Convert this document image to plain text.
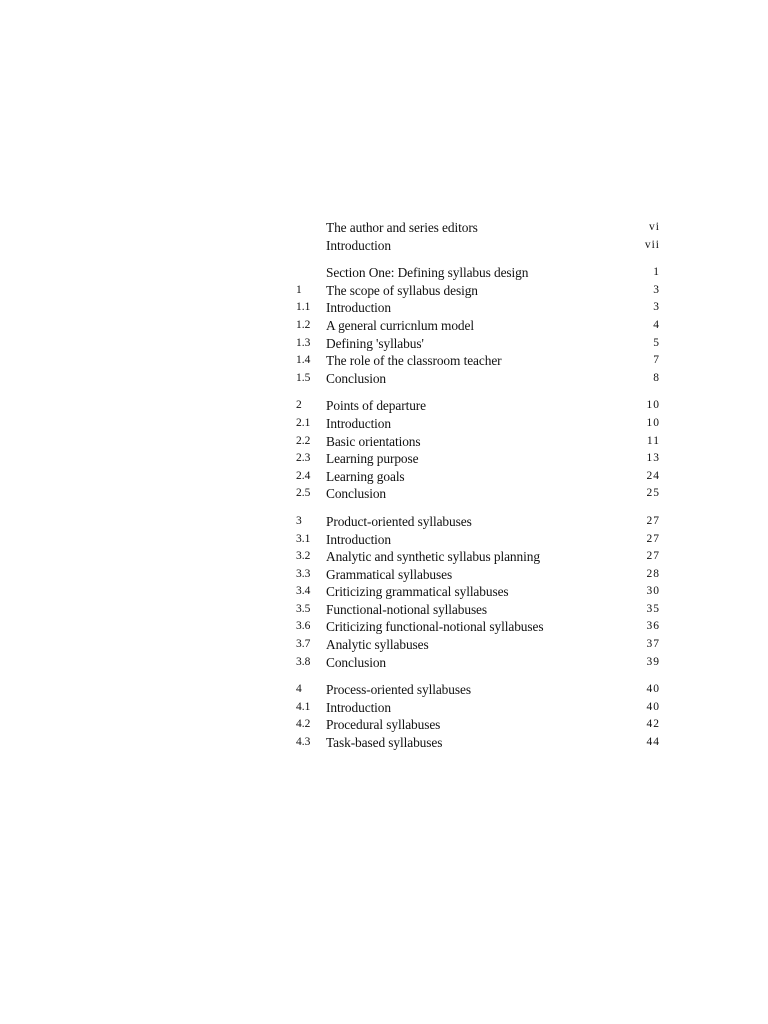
The author and series editors	vi
Introduction	vii
Section One: Defining syllabus design	1
1	The scope of syllabus design	3
1.1	Introduction	3
1.2	A general curricnlum model	4
1.3	Defining 'syllabus'	5
1.4	The role of the classroom teacher	7
1.5	Conclusion	8
2	Points of departure	10
2.1	Introduction	10
2.2	Basic orientations	11
2.3	Learning purpose	13
2.4	Learning goals	24
2.5	Conclusion	25
3	Product-oriented syllabuses	27
3.1	Introduction	27
3.2	Analytic and synthetic syllabus planning	27
3.3	Grammatical syllabuses	28
3.4	Criticizing grammatical syllabuses	30
3.5	Functional-notional syllabuses	35
3.6	Criticizing functional-notional syllabuses	36
3.7	Analytic syllabuses	37
3.8	Conclusion	39
4	Process-oriented syllabuses	40
4.1	Introduction	40
4.2	Procedural syllabuses	42
4.3	Task-based syllabuses	44
